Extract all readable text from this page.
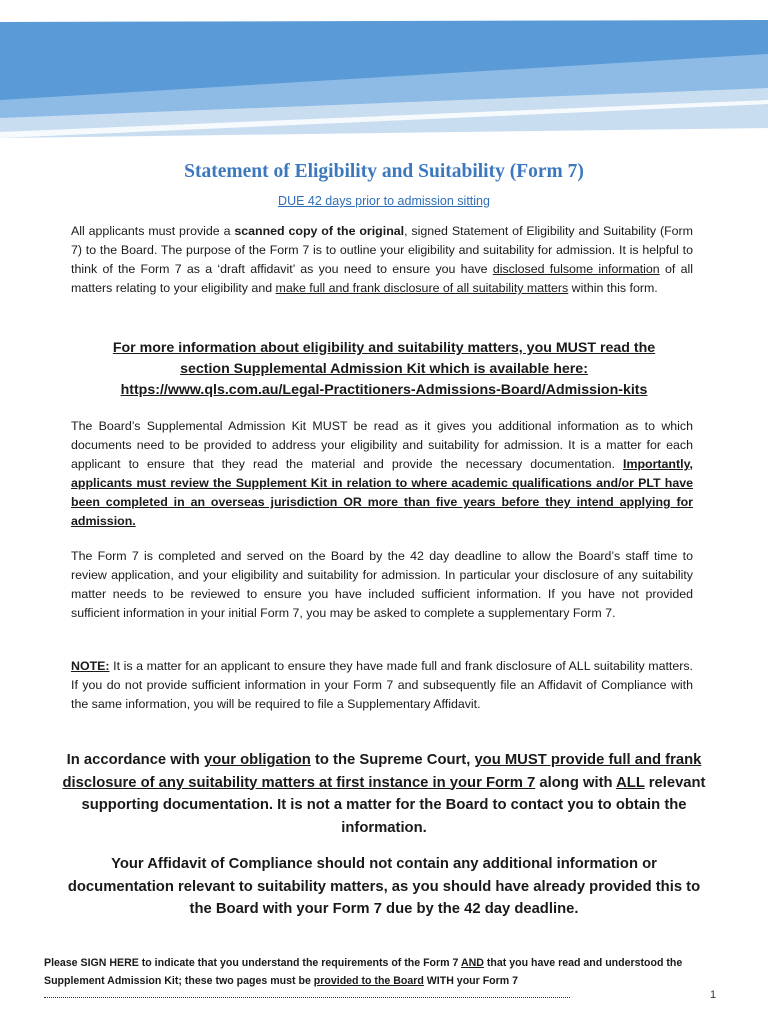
Statement of Eligibility and Suitability (Form 7)
DUE 42 days prior to admission sitting

All applicants must provide a scanned copy of the original, signed Statement of Eligibility and Suitability (Form 7) to the Board. The purpose of the Form 7 is to outline your eligibility and suitability for admission. It is helpful to think of the Form 7 as a ‘draft affidavit’ as you need to ensure you have disclosed fulsome information of all matters relating to your eligibility and make full and frank disclosure of all suitability matters within this form.

For more information about eligibility and suitability matters, you MUST read the
section Supplemental Admission Kit which is available here:
https://www.qls.com.au/Legal-Practitioners-Admissions-Board/Admission-kits

The Board’s Supplemental Admission Kit MUST be read as it gives you additional information as to which documents need to be provided to address your eligibility and suitability for admission. It is a matter for each applicant to ensure that they read the material and provide the necessary documentation. Importantly, applicants must review the Supplement Kit in relation to where academic qualifications and/or PLT have been completed in an overseas jurisdiction OR more than five years before they intend applying for admission.

The Form 7 is completed and served on the Board by the 42 day deadline to allow the Board’s staff time to review application, and your eligibility and suitability for admission. In particular your disclosure of any suitability matter needs to be reviewed to ensure you have included sufficient information. If you have not provided sufficient information in your initial Form 7, you may be asked to complete a supplementary Form 7.

NOTE: It is a matter for an applicant to ensure they have made full and frank disclosure of ALL suitability matters. If you do not provide sufficient information in your Form 7 and subsequently file an Affidavit of Compliance with the same information, you will be required to file a Supplementary Affidavit.

In accordance with your obligation to the Supreme Court, you MUST provide full and frank disclosure of any suitability matters at first instance in your Form 7 along with ALL relevant supporting documentation. It is not a matter for the Board to contact you to obtain the information.

Your Affidavit of Compliance should not contain any additional information or documentation relevant to suitability matters, as you should have already provided this to the Board with your Form 7 due by the 42 day deadline.

Please SIGN HERE to indicate that you understand the requirements of the Form 7 AND that you have read and understood the Supplement Admission Kit; these two pages must be provided to the Board WITH your Form 7

1
